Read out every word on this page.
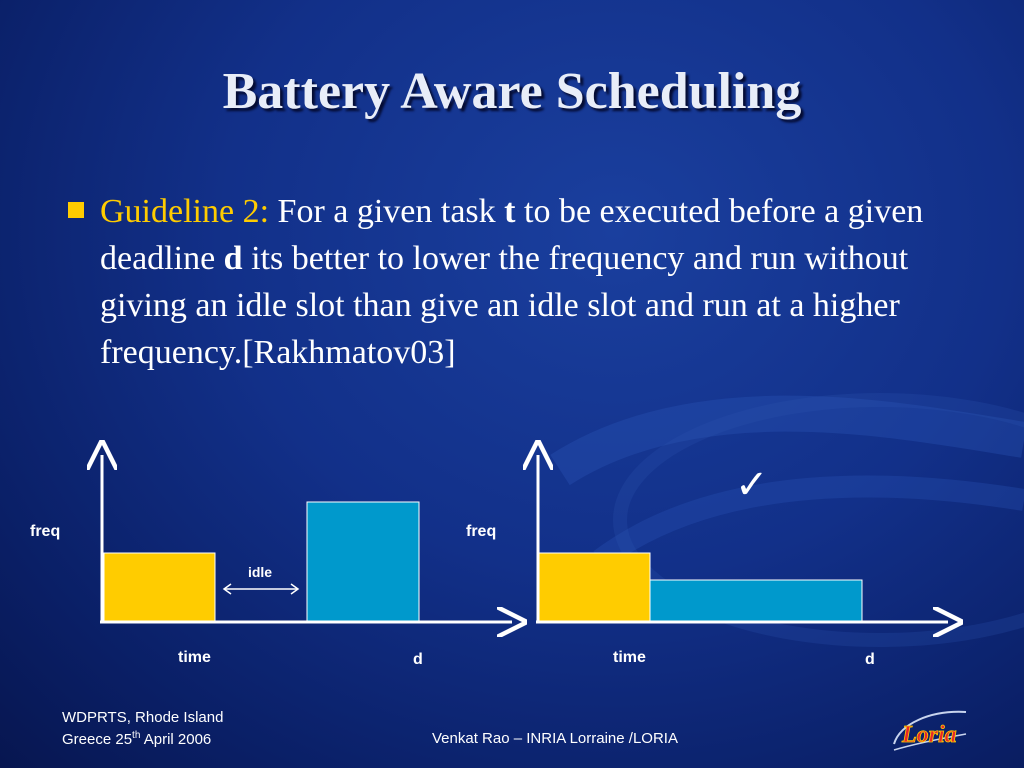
Battery Aware Scheduling
Guideline 2: For a given task t to be executed before a given deadline d its better to lower the frequency and run without giving an idle slot than give an idle slot and run at a higher frequency.[Rakhmatov03]
idle
freq
time	d
freq
time	d
✓
WDPRTS, Rhode Island
Greece 25th April 2006	Venkat Rao – INRIA Lorraine /LORIA	Loria
